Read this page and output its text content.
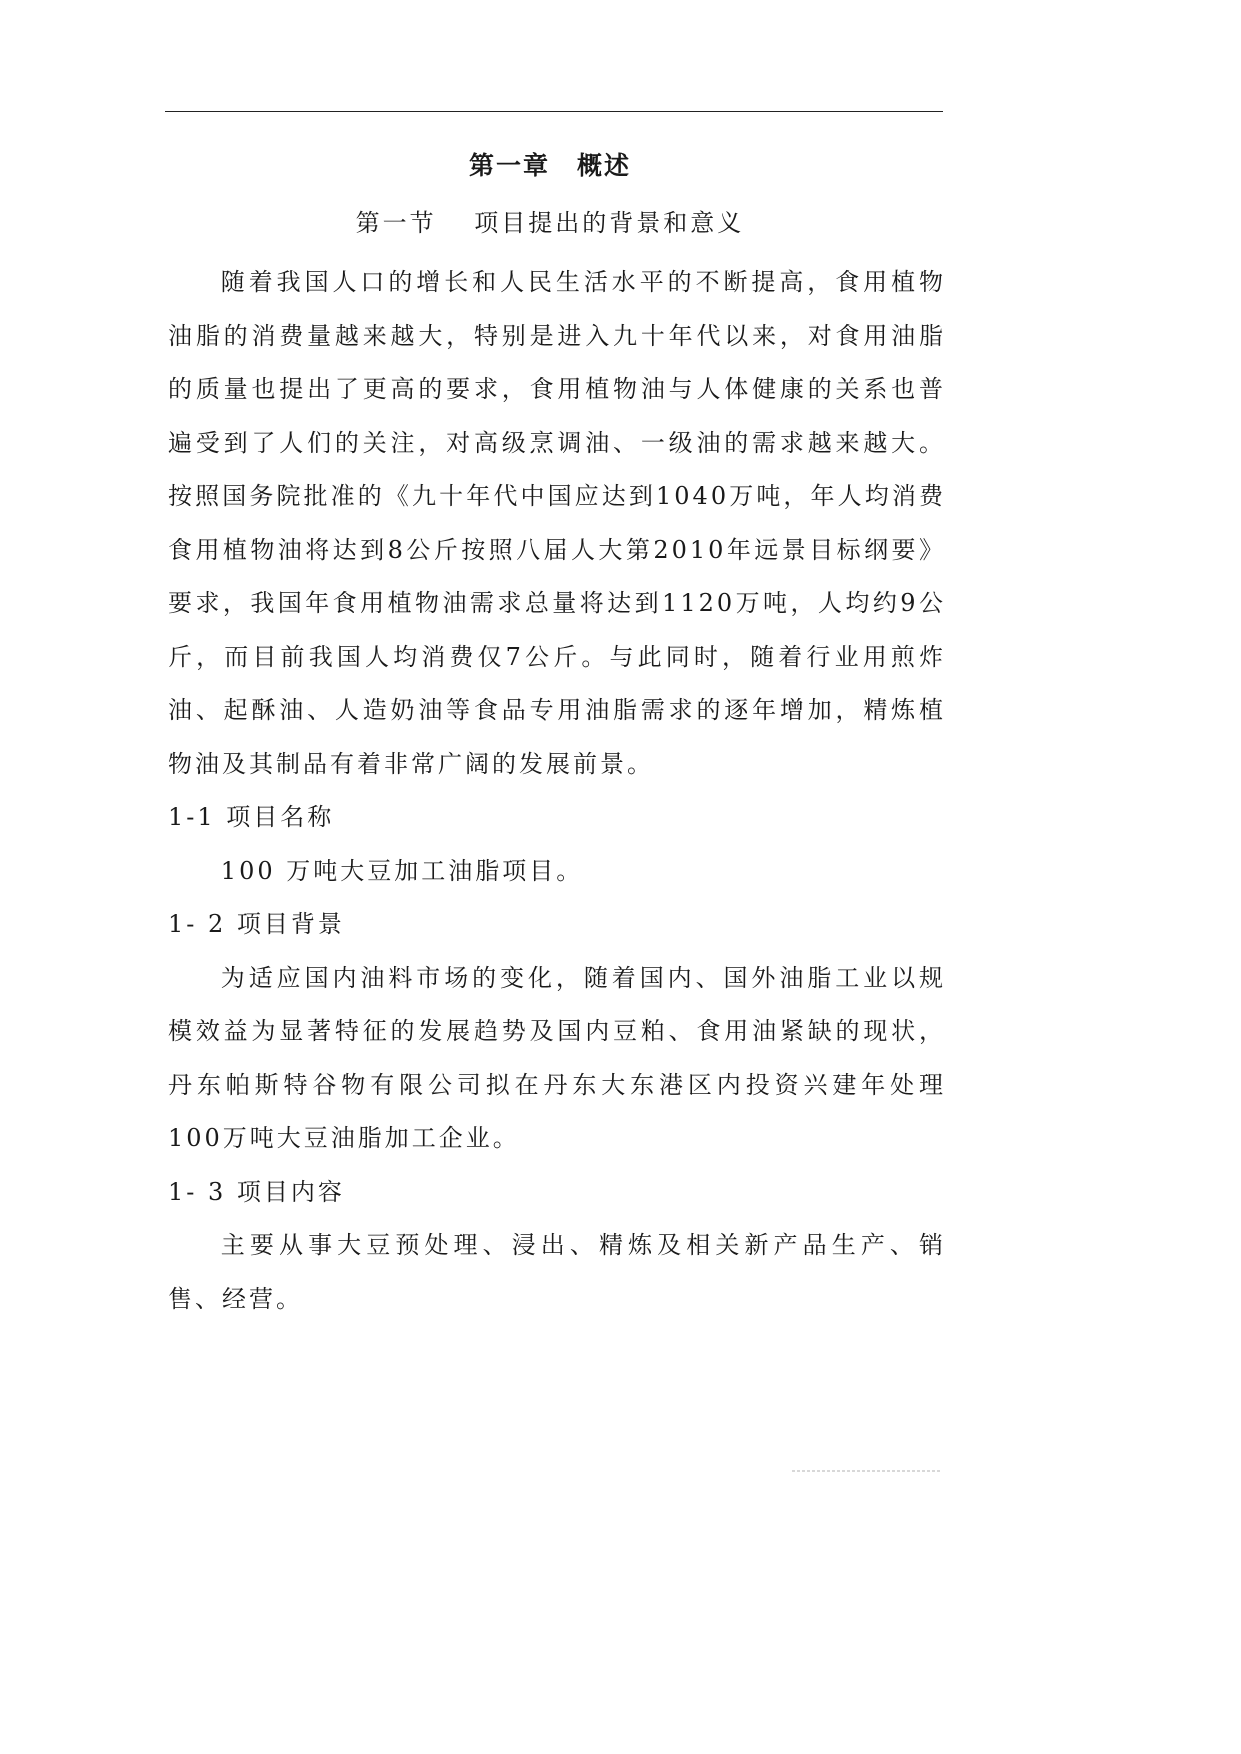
第一章　概述
第一节　 项目提出的背景和意义

随着我国人口的增长和人民生活水平的不断提高，食用植物油脂的消费量越来越大，特别是进入九十年代以来，对食用油脂的质量也提出了更高的要求，食用植物油与人体健康的关系也普遍受到了人们的关注，对高级烹调油、一级油的需求越来越大。按照国务院批准的《九十年代中国应达到1040万吨，年人均消费食用植物油将达到8公斤按照八届人大第2010年远景目标纲要》要求，我国年食用植物油需求总量将达到1120万吨，人均约9公斤，而目前我国人均消费仅7公斤。与此同时，随着行业用煎炸油、起酥油、人造奶油等食品专用油脂需求的逐年增加，精炼植物油及其制品有着非常广阔的发展前景。

1-1 项目名称

100 万吨大豆加工油脂项目。

1- 2 项目背景

为适应国内油料市场的变化，随着国内、国外油脂工业以规模效益为显著特征的发展趋势及国内豆粕、食用油紧缺的现状，丹东帕斯特谷物有限公司拟在丹东大东港区内投资兴建年处理100万吨大豆油脂加工企业。

1- 3 项目内容

主要从事大豆预处理、浸出、精炼及相关新产品生产、销售、经营。
